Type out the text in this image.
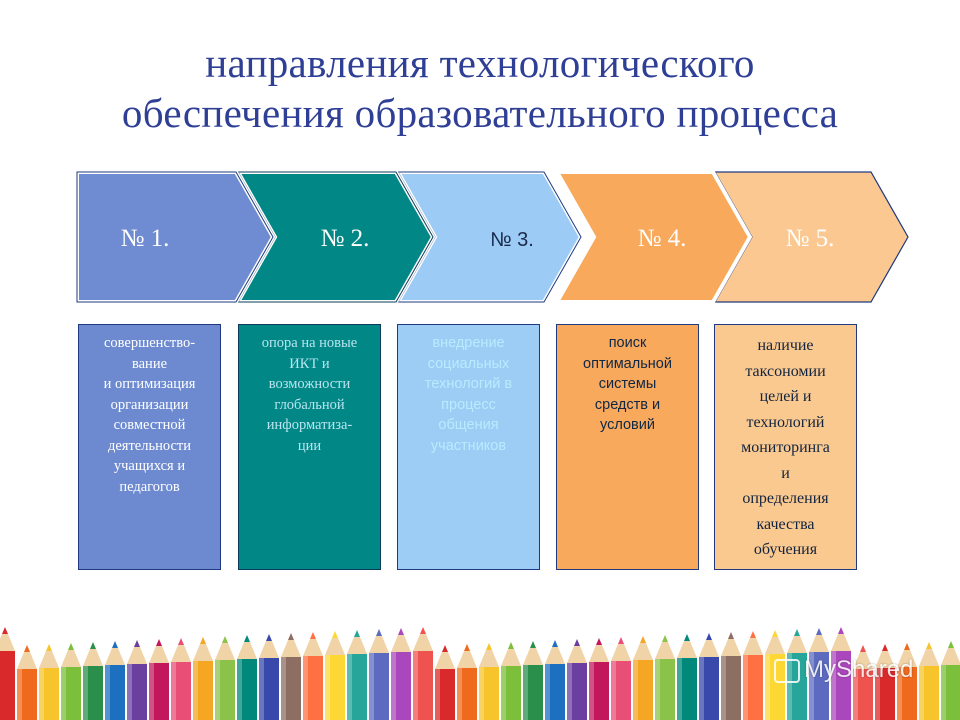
направления технологического
обеспечения образовательного процесса
№ 5.
№ 4.
№ 3.
№ 2.
№ 1.
совершенство-
вание
и оптимизация
организации
совместной
деятельности
учащихся и
педагогов
опора на новые
ИКТ и
возможности
глобальной
информатиза-
ции
внедрение
социальных
технологий в
процесс
общения
участников
поиск
оптимальной
системы
средств и
условий
наличие
таксономии
целей и
технологий
мониторинга
и
определения
качества
обучения
MyShared
